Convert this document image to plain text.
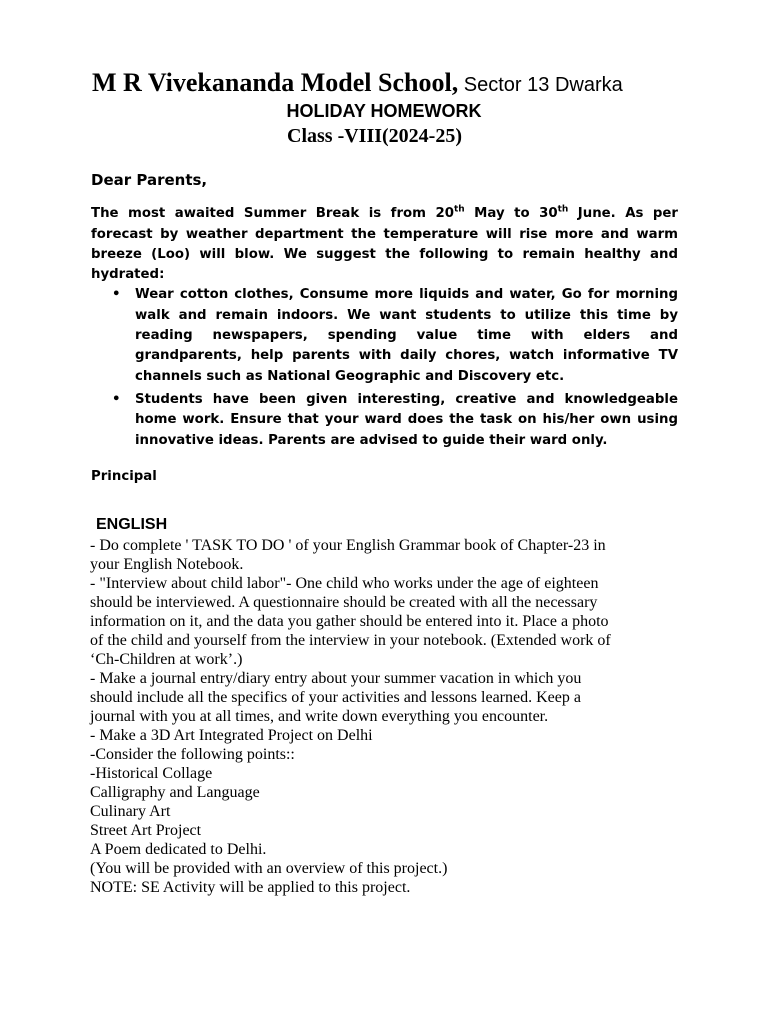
M R Vivekananda Model School, Sector 13 Dwarka
HOLIDAY HOMEWORK
Class -VIII(2024-25)
Dear Parents,

The most awaited Summer Break is from 20th May to 30th June. As per forecast by weather department the temperature will rise more and warm breeze (Loo) will blow. We suggest the following to remain healthy and hydrated:

• Wear cotton clothes, Consume more liquids and water, Go for morning walk and remain indoors. We want students to utilize this time by reading newspapers, spending value time with elders and grandparents, help parents with daily chores, watch informative TV channels such as National Geographic and Discovery etc.
• Students have been given interesting, creative and knowledgeable home work. Ensure that your ward does the task on his/her own using innovative ideas. Parents are advised to guide their ward only.
Principal
ENGLISH
- Do complete ' TASK TO DO ' of your English Grammar book of Chapter-23 in
your English Notebook.
- "Interview about child labor"- One child who works under the age of eighteen
should be interviewed. A questionnaire should be created with all the necessary
information on it, and the data you gather should be entered into it. Place a photo
of the child and yourself from the interview in your notebook. (Extended work of
‘Ch-Children at work’.)
- Make a journal entry/diary entry about your summer vacation in which you
should include all the specifics of your activities and lessons learned. Keep a
journal with you at all times, and write down everything you encounter.
- Make a 3D Art Integrated Project on Delhi
-Consider the following points::
-Historical Collage
Calligraphy and Language
Culinary Art
Street Art Project
A Poem dedicated to Delhi.
(You will be provided with an overview of this project.)
NOTE: SE Activity will be applied to this project.
